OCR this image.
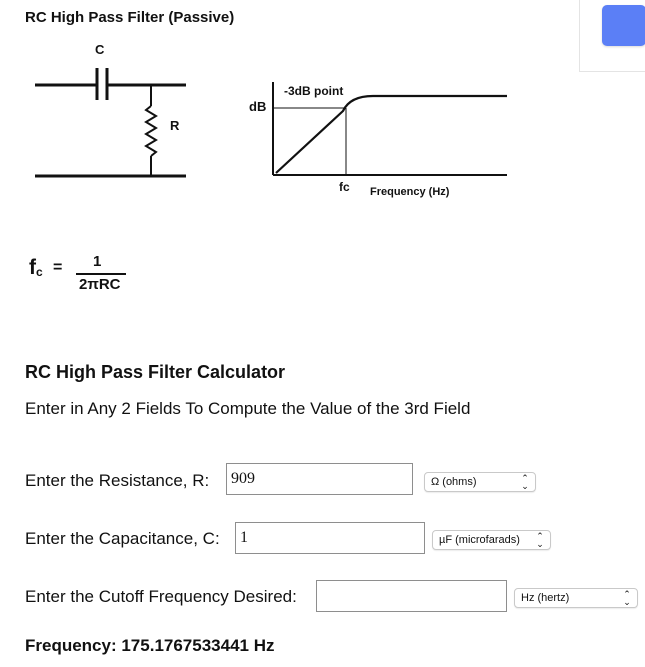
RC High Pass Filter (Passive)
C
R
dB
-3dB point
fc Frequency (Hz)
$f_c = 1$
2πRC
RC High Pass Filter Calculator
Enter in Any 2 Fields To Compute the Value of the 3rd Field
Enter the Resistance, R:
909	Ω (ohms)	⌃
⌄
Enter the Capacitance, C:
1	µF (microfarads) ⌃
⌄
Enter the Cutoff Frequency Desired:	Hz (hertz)	⌃
⌄
Frequency: 175.1767533441 Hz
